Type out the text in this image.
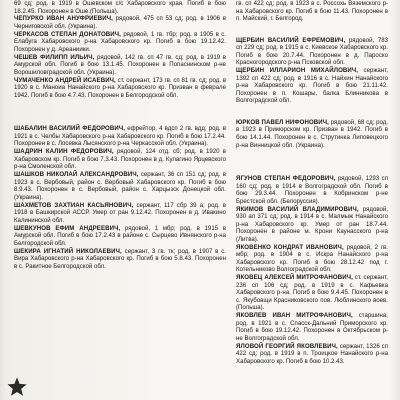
69 сд; род. в 1919 в Ошевском с/с Хабаровского края. Погиб в бою 18.2.45. Похоронен в Оше.(Польша).

ЧЕПУРКО ИВАН АНУФРИЕВИЧ, рядовой, 475 сп 53 сд; род. в 1906 в Черниговской обл. (Украина).

ЧЕРКАСОВ СТЕПАН ДОНАТОВИЧ, рядовой, 1 гв. тбр; род. в 1905 в с. Елабуга Хабаровского р-на Хабаровского кр. Погиб в бою 19.12.42. Похоронен у д. Ареаниики.

ЧЕШЕВ ФИЛИПП ИЛЬИЧ, рядовой, 142 гв. сп 47 гв. сд; род. в 1919 в Амурской обл. Погиб в бою 13.1.45. Похоронен в Попаснинском р-не Ворошиловградской обл. (Украина).

ЧУМАЧЕНКО АНДРЕЙ ИСАЕВИЧ, ст. сержант, 173 гв. сп 81 гв. сд; род. в 1920 в с. Маноиа Нанайского р-на Хабаровского кр. Призван в феврале 1942. Погиб в бою 4.7.43. Похоронен в Белгородской обл.

ШАБАЛИН ВАСИЛИЙ ФЕДОРОВИЧ, ефрейтор, 4 вдсп 2 гв. вдд; род. в 1921 в с. Челбы Хабаровского р-на Хабаровского кр. Погиб в бою 17.2.44. Похоронен в с. Лосевка Лысянского р-на Черкасской обл. (Украина).

ШАДРИН КАЛИН ФЕДОРОВИЧ, рядовой, 124 отд. сб; род. в 1920 в Хабаровском кр. Погиб в бою 7.3.43. Похоронен в д. Кулагино Ярцевского р-на Смоленской обл.

ШАШКОВ НИКОЛАЙ АЛЕКСАНДРОВИЧ, сержант, 36 сп 151 сд; род. в 1923 в с. Вербовый, район с. Вербовый Хабаровского кр. Погиб в бою 8.9.43. Похоронен в с. Вербовый, район с. Харцызск Донецкой обл. (Украина).

ШАХМЕТОВ ЗАХТИАН КАСЬЯНОВИЧ, сержант, 117 сбр 39 а; род. в 1918 в Башкирской АССР. Умер от ран 9.12.42. Похоронен в д. Ивакино Калининской обл.

ШЕВКУНОВ ЕФИМ АНДРЕЕВИЧ, рядовой, 1 мбр; род. в 1915 в Амурской обл. Погиб в бою 17.2.43 в районе с. Сырцево Ивнянского р-на Белгородской обл.

ШЕКИРА ИГНАТИЙ НИКОЛАЕВИЧ, сержант, 3 гв. тк; род. в 1907 в с. Вира Хабаровского р-на Хабаровского кр. Погиб в бою 5.8.43. Похоронен в с. Ракитное Белгородской обл.

гв. сп 422 сд; род. в 1923 в с. Россохь Вяземского р-на Хабаровского кр. Погиб в бою 11.43. Похоронен в п. Майский, г. Белгород.

ЩЕРБИН ВАСИЛИЙ ЕФРЕМОВИЧ, рядовой, 783 сп 229 сд; род. в 1915 в с. Киевское Хабаровского кр. Погиб в бою 20.7.44. Похоронен в д. Пароско Красногородского р-на Псковской обл.

ЩЕРБИН ИЛЛАРИОН МИХАЙЛОВИЧ, сержант, 1392 сп 422 сд; род. в 1916 в с. Найхин Нанайского р-на Хабаровского кр. Погиб в бою 21.11.42. Похоронен в п. Кошары, балка Блинникова в Волгоградской обл.

ЮРКОВ ПАВЕЛ НИФОНОВИЧ, рядовой, 68 сд; род. в 1923 в Приморском кр. Призван в 1942. Погиб в бою 14.1.44. Похоронен в с. Струтинка Липовецкого р-на Винницкой обл. (Украина).

ЯГУНОВ СТЕПАН ФЕДОРОВИЧ, рядовой, 1293 сп 160 сд; род. в 1914 в Волгоградской обл. Погиб в бою 29.3.44. Похоронен в Кобринском р-не Брестской обл. (Белоруссия).

ЯКИМОВ ВАСИЛИЙ ВЛАДИМИРОВИЧ, рядовой, 930 ап 371 сд; род. в 1914 в с. Малмыж Нанайского р-на Хабаровского кр. Умер от ран 18.7.44. Похоронен в районе м. Крони Каунасского р-на (Литва).

ЯКОВЕНКО КОНДРАТ ИВАНОВИЧ, рядовой, 2 гв. мбр; род. в 1904 в с. Искра Нанайского р-на Хабаровского кр. Погиб в бою 28.12.42 под г. Котельниково Волгоградской обл.

ЯКОВЕЦ АЛЕКСЕЙ МИТРОФАНОВИЧ, ст. сержант, 236 сп 106 сд; род. в 1919 в с. Кафьевка Хабаровского р-на. Погиб в бою 9.4.45. Похоронен в с. Якубовщи Красниковского пов. Люблинского воев. (Польша).

ЯКОВЛЕВ ИВАН МИТРОФАНОВИЧ, старшина; род. в 1921 в с. Спасск-Дальний Приморского кр. Погиб в бою 19.12.42. Похоронен в Октябрьском р-не Волгоградской обл.

ЯЛОВОЙ ГЕОРГИЙ ЯКОВЛЕВИЧ, сержант, 1326 сп 422 сд; род. в 1919 в п. Троицкое Нанайского р-на Хабаровского кр. Погиб в бою 10.2.43.
